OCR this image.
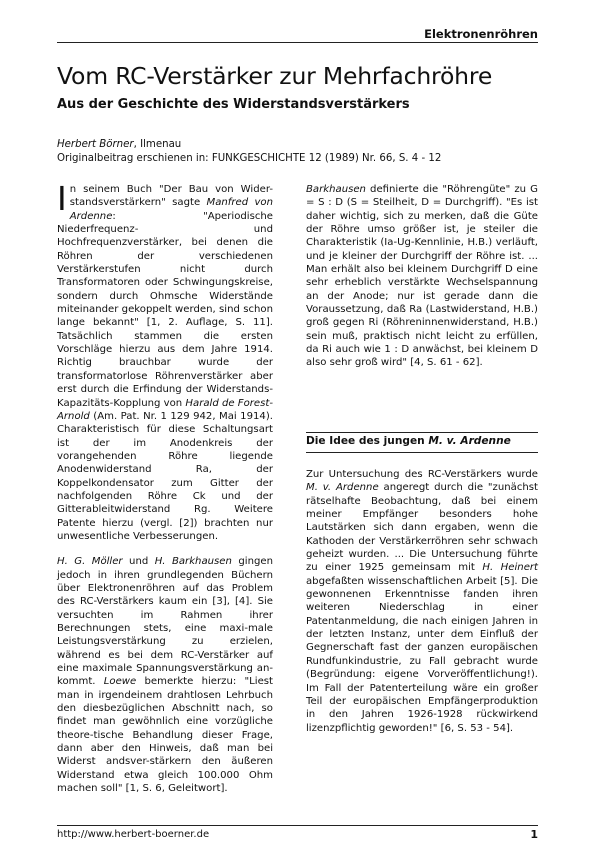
Elektronenröhren
Vom RC-Verstärker zur Mehrfachröhre
Aus der Geschichte des Widerstandsverstärkers
Herbert Börner, Ilmenau
Originalbeitrag erschienen in: FUNKGESCHICHTE 12 (1989) Nr. 66, S. 4 - 12

In seinem Buch "Der Bau von Wider-standsverstärkern" sagte Manfred von Ardenne: "Aperiodische Niederfrequenz- und Hochfrequenzverstärker, bei denen die Röhren der verschiedenen Verstärkerstufen nicht durch Transformatoren oder Schwingungskreise, sondern durch Ohmsche Widerstände miteinander gekoppelt werden, sind schon lange bekannt" [1, 2. Auflage, S. 11]. Tatsächlich stammen die ersten Vorschläge hierzu aus dem Jahre 1914. Richtig brauchbar wurde der transformatorlose Röhrenverstärker aber erst durch die Erfindung der Widerstands-Kapazitäts-Kopplung von Harald de Forest-Arnold (Am. Pat. Nr. 1 129 942, Mai 1914). Charakteristisch für diese Schaltungsart ist der im Anodenkreis der vorangehenden Röhre liegende Anodenwiderstand Ra, der Koppelkondensator zum Gitter der nachfolgenden Röhre Ck und der Gitterableitwiderstand Rg. Weitere Patente hierzu (vergl. [2]) brachten nur unwesentliche Verbesserungen.

H. G. Möller und H. Barkhausen gingen jedoch in ihren grundlegenden Büchern über Elektronenröhren auf das Problem des RC-Verstärkers kaum ein [3], [4]. Sie versuchten im Rahmen ihrer Berechnungen stets, eine maxi-male Leistungsverstärkung zu erzielen, während es bei dem RC-Verstärker auf eine maximale Spannungsverstärkung an-kommt. Loewe bemerkte hierzu: "Liest man in irgendeinem drahtlosen Lehrbuch den diesbezüglichen Abschnitt nach, so findet man gewöhnlich eine vorzügliche theore-tische Behandlung dieser Frage, dann aber den Hinweis, daß man bei Widerst andsver-stärkern den äußeren Widerstand etwa gleich 100.000 Ohm machen soll" [1, S. 6, Geleitwort].

Barkhausen definierte die "Röhrengüte" zu G = S : D (S = Steilheit, D = Durchgriff). "Es ist daher wichtig, sich zu merken, daß die Güte der Röhre umso größer ist, je steiler die Charakteristik (Ia-Ug-Kennlinie, H.B.) verläuft, und je kleiner der Durchgriff der Röhre ist. ... Man erhält also bei kleinem Durchgriff D eine sehr erheblich verstärkte Wechselspannung an der Anode; nur ist gerade dann die Voraussetzung, daß Ra (Lastwiderstand, H.B.) groß gegen Ri (Röhreninnenwiderstand, H.B.) sein muß, praktisch nicht leicht zu erfüllen, da Ri auch wie 1 : D anwächst, bei kleinem D also sehr groß wird" [4, S. 61 - 62].

Die Idee des jungen M. v. Ardenne

Zur Untersuchung des RC-Verstärkers wurde M. v. Ardenne angeregt durch die "zunächst rätselhafte Beobachtung, daß bei einem meiner Empfänger besonders hohe Lautstärken sich dann ergaben, wenn die Kathoden der Verstärkerröhren sehr schwach geheizt wurden. ... Die Untersuchung führte zu einer 1925 gemeinsam mit H. Heinert abgefaßten wissenschaftlichen Arbeit [5]. Die gewonnenen Erkenntnisse fanden ihren weiteren Niederschlag in einer Patentanmeldung, die nach einigen Jahren in der letzten Instanz, unter dem Einfluß der Gegnerschaft fast der ganzen europäischen Rundfunkindustrie, zu Fall gebracht wurde (Begründung: eigene Vorveröffentlichung!). Im Fall der Patenterteilung wäre ein großer Teil der europäischen Empfängerproduktion in den Jahren 1926-1928 rückwirkend lizenzpflichtig geworden!" [6, S. 53 - 54].

http://www.herbert-boerner.de	1
